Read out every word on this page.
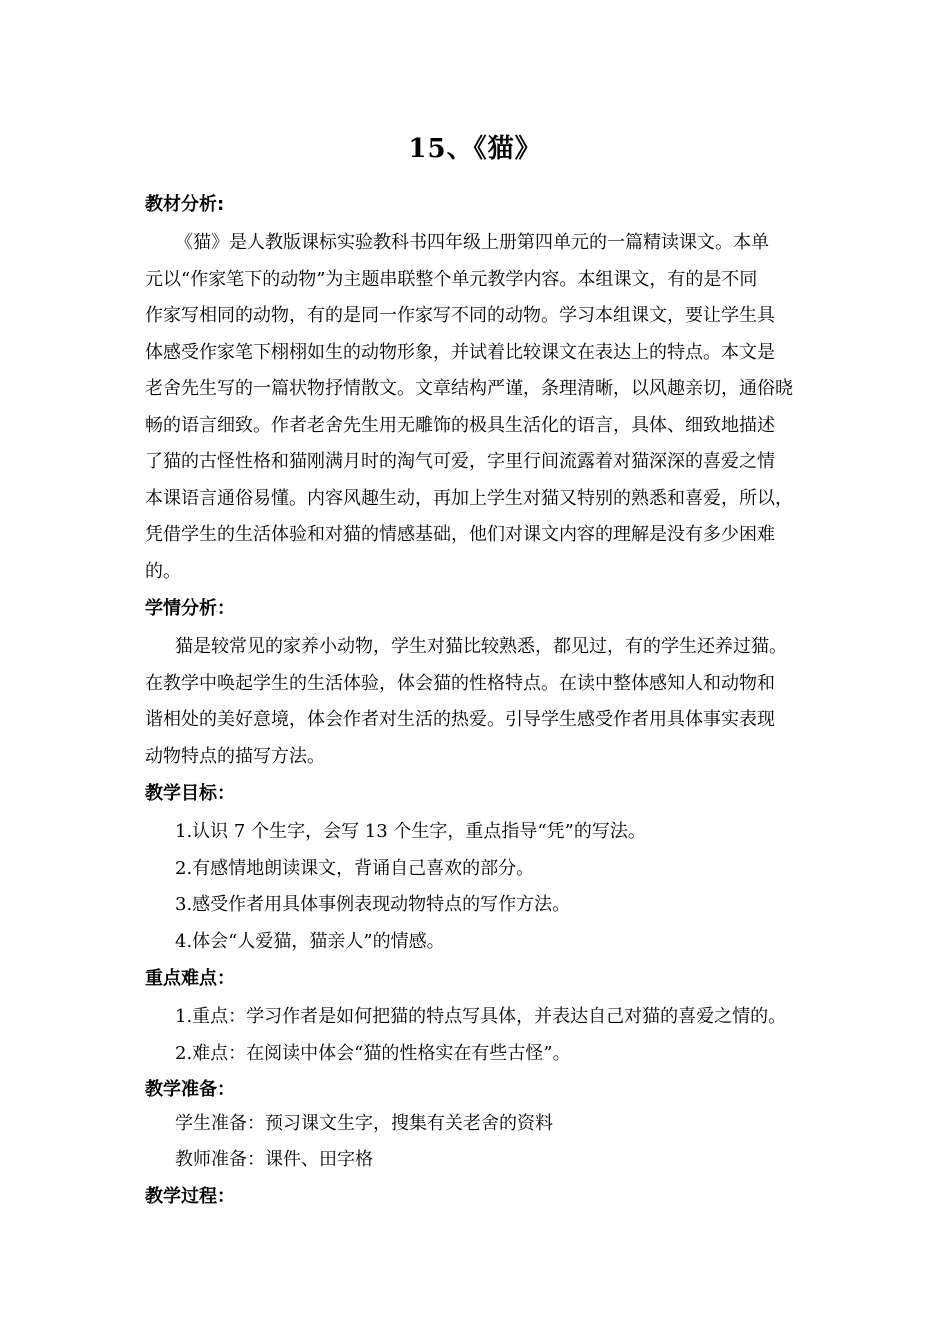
15、《猫》
教材分析:
《猫》是人教版课标实验教科书四年级上册第四单元的一篇精读课文。本单
元以“作家笔下的动物”为主题串联整个单元教学内容。本组课文，有的是不同
作家写相同的动物，有的是同一作家写不同的动物。学习本组课文，要让学生具
体感受作家笔下栩栩如生的动物形象，并试着比较课文在表达上的特点。本文是
老舍先生写的一篇状物抒情散文。文章结构严谨，条理清晰，以风趣亲切，通俗晓
畅的语言细致。作者老舍先生用无雕饰的极具生活化的语言，具体、细致地描述
了猫的古怪性格和猫刚满月时的淘气可爱，字里行间流露着对猫深深的喜爱之情
本课语言通俗易懂。内容风趣生动，再加上学生对猫又特别的熟悉和喜爱，所以，
凭借学生的生活体验和对猫的情感基础，他们对课文内容的理解是没有多少困难
的。
学情分析：
猫是较常见的家养小动物，学生对猫比较熟悉，都见过，有的学生还养过猫。
在教学中唤起学生的生活体验，体会猫的性格特点。在读中整体感知人和动物和
谐相处的美好意境，体会作者对生活的热爱。引导学生感受作者用具体事实表现
动物特点的描写方法。
教学目标：
1.认识 7 个生字，会写 13 个生字，重点指导“凭”的写法。
2.有感情地朗读课文，背诵自己喜欢的部分。
3.感受作者用具体事例表现动物特点的写作方法。
4.体会“人爱猫，猫亲人”的情感。
重点难点：
1.重点：学习作者是如何把猫的特点写具体，并表达自己对猫的喜爱之情的。
2.难点：在阅读中体会“猫的性格实在有些古怪”。
教学准备：
学生准备：预习课文生字，搜集有关老舍的资料
教师准备：课件、田字格
教学过程：
